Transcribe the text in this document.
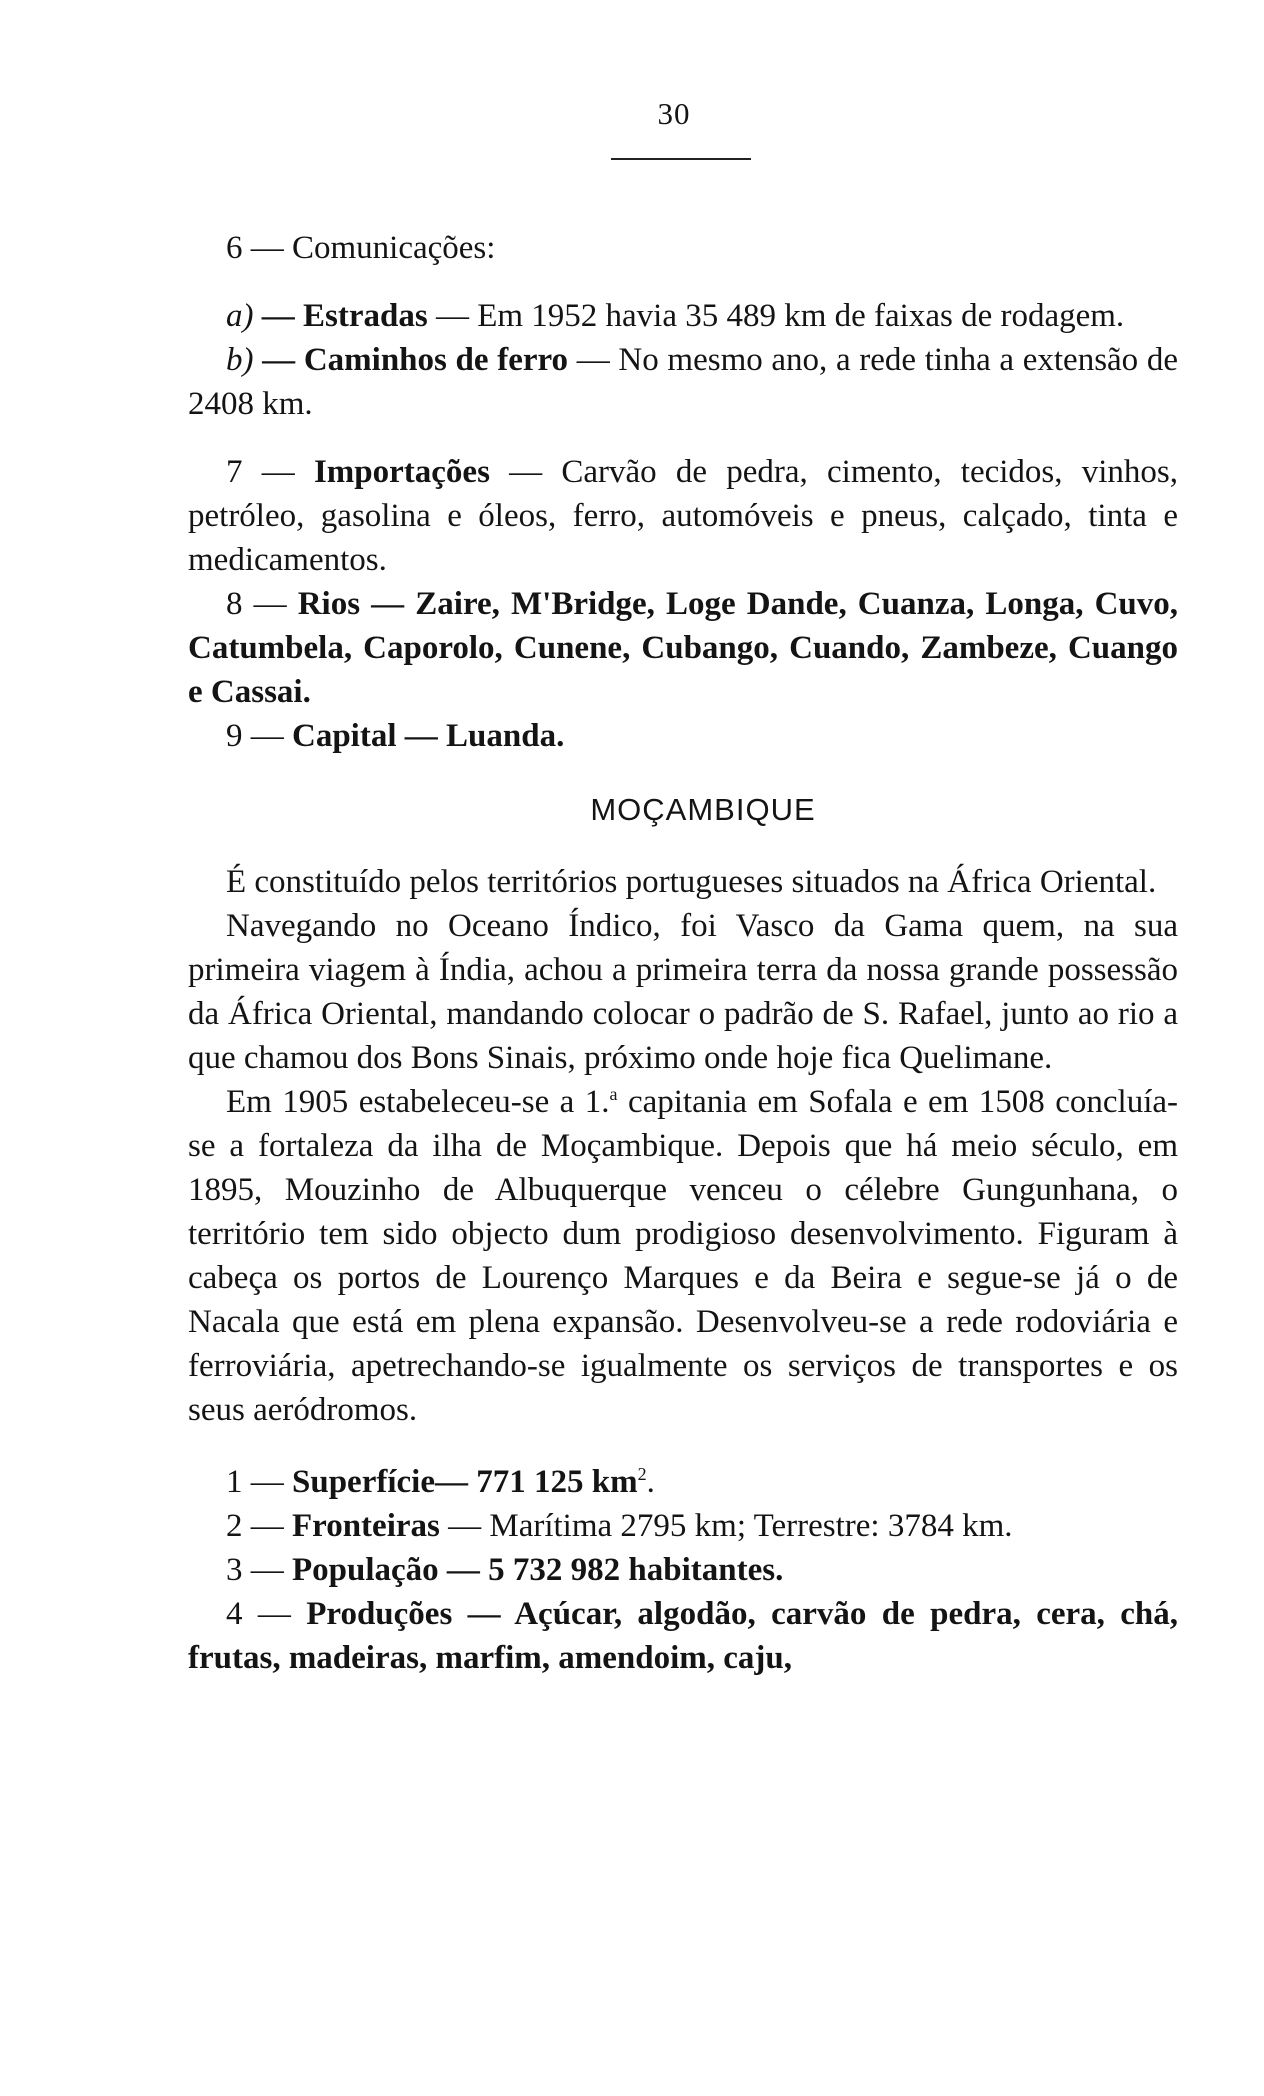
30

6 — Comunicações:

a) — Estradas — Em 1952 havia 35 489 km de faixas de rodagem.

b) — Caminhos de ferro — No mesmo ano, a rede tinha a extensão de 2408 km.

7 — Importações — Carvão de pedra, cimento, tecidos, vinhos, petróleo, gasolina e óleos, ferro, automóveis e pneus, calçado, tinta e medicamentos.

8 — Rios — Zaire, M'Bridge, Loge Dande, Cuanza, Longa, Cuvo, Catumbela, Caporolo, Cunene, Cubango, Cuando, Zambeze, Cuango e Cassai.

9 — Capital — Luanda.

MOÇAMBIQUE

É constituído pelos territórios portugueses situados na África Oriental.

Navegando no Oceano Índico, foi Vasco da Gama quem, na sua primeira viagem à Índia, achou a primeira terra da nossa grande possessão da África Oriental, mandando colocar o padrão de S. Rafael, junto ao rio a que chamou dos Bons Sinais, próximo onde hoje fica Quelimane.

Em 1905 estabeleceu-se a 1.$^a$ capitania em Sofala e em 1508 concluía-se a fortaleza da ilha de Moçambique. Depois que há meio século, em 1895, Mouzinho de Albuquerque venceu o célebre Gungunhana, o território tem sido objecto dum prodigioso desenvolvimento. Figuram à cabeça os portos de Lourenço Marques e da Beira e segue-se já o de Nacala que está em plena expansão. Desenvolveu-se a rede rodoviária e ferroviária, apetrechando-se igualmente os serviços de transportes e os seus aeródromos.

1 — Superfície— 771 125 $km^2$.

2 — Fronteiras — Marítima 2795 km; Terrestre: 3784 km.

3 — População — 5 732 982 habitantes.

4 — Produções — Açúcar, algodão, carvão de pedra, cera, chá, frutas, madeiras, marfim, amendoim, caju,
